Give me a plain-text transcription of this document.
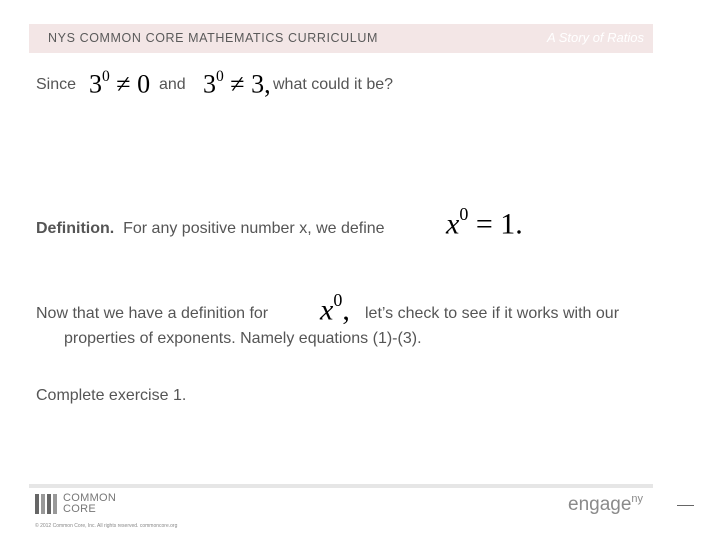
NYS COMMON CORE MATHEMATICS CURRICULUM	A Story of Ratios
Since $3^0 \ne 0$ and $3^0 \ne 3$, what could it be?
Definition. For any positive number x, we define $x^0 = 1$.
Now that we have a definition for $x^0$, let’s check to see if it works with our
properties of exponents. Namely equations (1)-(3).
Complete exercise 1.
COMMON
CORE
© 2012 Common Core, Inc. All rights reserved. commoncore.org
engage$^{ny}$
